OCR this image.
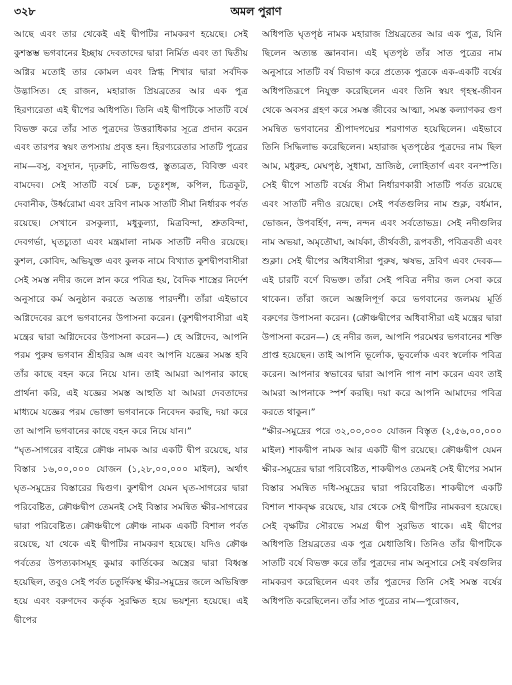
৩২৮	অমল পুরাণ

আছে এবং তার থেকেই এই দ্বীপটির নামকরণ হয়েছে। সেই কুশস্তম্ভ ভগবানের ইচ্ছায় দেবতাদের দ্বারা নির্মিত এবং তা দ্বিতীয় অগ্নির মতোই তার কোমল এবং স্নিগ্ধ শিখার দ্বারা সর্বদিক উদ্ভাসিত। হে রাজন, মহারাজ প্রিয়ব্রতের আর এক পুত্র হিরণ্যরেতা এই দ্বীপের অধিপতি। তিনি এই দ্বীপটিকে সাতটি বর্ষে বিভক্ত করে তাঁর সাত পুত্রদের উত্তরাধিকার সূত্রে প্রদান করেন এবং তারপর স্বয়ং তপস্যায় প্রবৃত্ত হন। হিরণ্যরেতার সাতটি পুত্রের নাম—বসু, বসুদান, দৃঢ়রুচি, নাভিগুপ্ত, স্তুত্যব্রত, বিবিক্ত এবং বামদেব। সেই সাতটি বর্ষে চক্র, চতুঃশৃঙ্গ, কপিল, চিত্রকূট, দেবানীক, উর্ধ্বরোমা এবং দ্রবিণ নামক সাতটি সীমা নির্ধারক পর্বত রয়েছে। সেখানে রসকুল্যা, মধুকুল্যা, মিত্রবিন্দা, শ্রুতবিন্দা, দেবগর্ভা, ঘৃতচ্যুতা এবং মন্ত্রমালা নামক সাতটি নদীও রয়েছে। কুশল, কোবিদ, অভিযুক্ত এবং কুলক নামে বিখ্যাত কুশদ্বীপবাসীরা সেই সমস্ত নদীর জলে স্নান করে পবিত্র হয়, বৈদিক শাস্ত্রের নির্দেশ অনুসারে কর্ম অনুষ্ঠান করতে অত্যন্ত পারদর্শী। তাঁরা এইভাবে অগ্নিদেবের রূপে ভগবানের উপাসনা করেন। (কুশদ্বীপবাসীরা এই মন্ত্রের দ্বারা অগ্নিদেবের উপাসনা করেন—) হে অগ্নিদেব, আপনি পরম পুরুষ ভগবান শ্রীহরির অঙ্গ এবং আপনি যজ্ঞের সমস্ত হবি তাঁর কাছে বহন করে নিয়ে যান। তাই আমরা আপনার কাছে প্রার্থনা করি, এই যজ্ঞের সমস্ত আহুতি যা আমরা দেবতাদের মাধ্যমে যজ্ঞের পরম ভোক্তা ভগবানকে নিবেদন করছি, দয়া করে তা আপনি ভগবানের কাছে বহন করে নিয়ে যান।”

“ঘৃত-সাগরের বাইরে ক্রৌঞ্চ নামক আর একটি দ্বীপ রয়েছে, যার বিস্তার ১৬,০০,০০০ যোজন (১,২৮,০০,০০০ মাইল), অর্থাৎ ঘৃত-সমুদ্রের বিস্তারের দ্বিগুণ। কুশদ্বীপ যেমন ঘৃত-সাগরের দ্বারা পরিবেষ্টিত, ক্রৌঞ্চদ্বীপ তেমনই সেই বিস্তার সমন্বিত ক্ষীর-সাগরের দ্বারা পরিবেষ্টিত। ক্রৌঞ্চদ্বীপে ক্রৌঞ্চ নামক একটি বিশাল পর্বত রয়েছে, যা থেকে এই দ্বীপটির নামকরণ হয়েছে। যদিও ক্রৌঞ্চ পর্বতের উপত্যকাসমূহ কুমার কার্তিকের অস্ত্রের দ্বারা বিধ্বস্ত হয়েছিল, তবুও সেই পর্বত চতুর্দিকস্থ ক্ষীর-সমুদ্রের জলে অভিষিক্ত হয়ে এবং বরুণদেব কর্তৃক সুরক্ষিত হয়ে ভয়শূন্য হয়েছে। এই দ্বীপের

অধিপতি ঘৃতপৃষ্ঠ নামক মহারাজ প্রিয়ব্রতের আর এক পুত্র, যিনি ছিলেন অত্যন্ত জ্ঞানবান। এই ঘৃতপৃষ্ঠ তাঁর সাত পুত্রের নাম অনুসারে সাতটি বর্ষ বিভাগ করে প্রত্যেক পুত্রকে এক-একটি বর্ষের অধিপতিরূপে নিযুক্ত করেছিলেন এবং তিনি স্বয়ং গৃহস্থ-জীবন থেকে অবসর গ্রহণ করে সমস্ত জীবের আত্মা, সমস্ত কল্যাণকর গুণ সমন্বিত ভগবানের শ্রীপাদপদ্মের শরণাগত হয়েছিলেন। এইভাবে তিনি সিদ্ধিলাভ করেছিলেন। মহারাজ ঘৃতপৃষ্ঠের পুত্রদের নাম ছিল আম, মধুরুহ, মেঘপৃষ্ঠ, সুধামা, ভ্রাজিষ্ঠ, লোহিতার্ণ এবং বনস্পতি। সেই দ্বীপে সাতটি বর্ষের সীমা নির্ধারণকারী সাতটি পর্বত রয়েছে এবং সাতটি নদীও রয়েছে। সেই পর্বতগুলির নাম শুক্ল, বর্ধমান, ভোজন, উপবর্হিণ, নন্দ, নন্দন এবং সর্বতোভদ্র। সেই নদীগুলির নাম অভয়া, অমৃতৌঘা, আর্যকা, তীর্থবতী, রূপবতী, পবিত্রবতী এবং শুক্লা। সেই দ্বীপের অধিবাসীরা পুরুষ, ঋষভ, দ্রবিণ এবং দেবক—এই চারটি বর্ণে বিভক্ত। তাঁরা সেই পবিত্র নদীর জল সেবা করে থাকেন। তাঁরা জলে অঞ্জলিপূর্ণ করে ভগবানের জলময় মূর্তি বরুণের উপাসনা করেন। (ক্রৌঞ্চদ্বীপের অধিবাসীরা এই মন্ত্রের দ্বারা উপাসনা করেন—) হে নদীর জল, আপনি পরমেশ্বর ভগবানের শক্তি প্রাপ্ত হয়েছেন। তাই আপনি ভূর্লোক, ভুবর্লোক এবং স্বর্লোক পবিত্র করেন। আপনার স্বভাবের দ্বারা আপনি পাপ নাশ করেন এবং তাই আমরা আপনাকে স্পর্শ করছি। দয়া করে আপনি আমাদের পবিত্র করতে থাকুন।”

“ক্ষীর-সমুদ্রের পরে ৩২,০০,০০০ যোজন বিস্তৃত (২,৫৬,০০,০০০ মাইল) শাকদ্বীপ নামক আর একটি দ্বীপ রয়েছে। ক্রৌঞ্চদ্বীপ যেমন ক্ষীর-সমুদ্রের দ্বারা পরিবেষ্টিত, শাকদ্বীপও তেমনই সেই দ্বীপের সমান বিস্তার সমন্বিত দধি-সমুদ্রের দ্বারা পরিবেষ্টিত। শাকদ্বীপে একটি বিশাল শাকবৃক্ষ রয়েছে, যার থেকে সেই দ্বীপটির নামকরণ হয়েছে। সেই বৃক্ষটির সৌরভে সমগ্র দ্বীপ সুরভিত থাকে। এই দ্বীপের অধিপতি প্রিয়ব্রতের এক পুত্র মেধাতিথি। তিনিও তাঁর দ্বীপটিকে সাতটি বর্ষে বিভক্ত করে তাঁর পুত্রদের নাম অনুসারে সেই বর্ষগুলির নামকরণ করেছিলেন এবং তাঁর পুত্রদের তিনি সেই সমস্ত বর্ষের অধিপতি করেছিলেন। তাঁর সাত পুত্রের নাম—পুরোজব,
